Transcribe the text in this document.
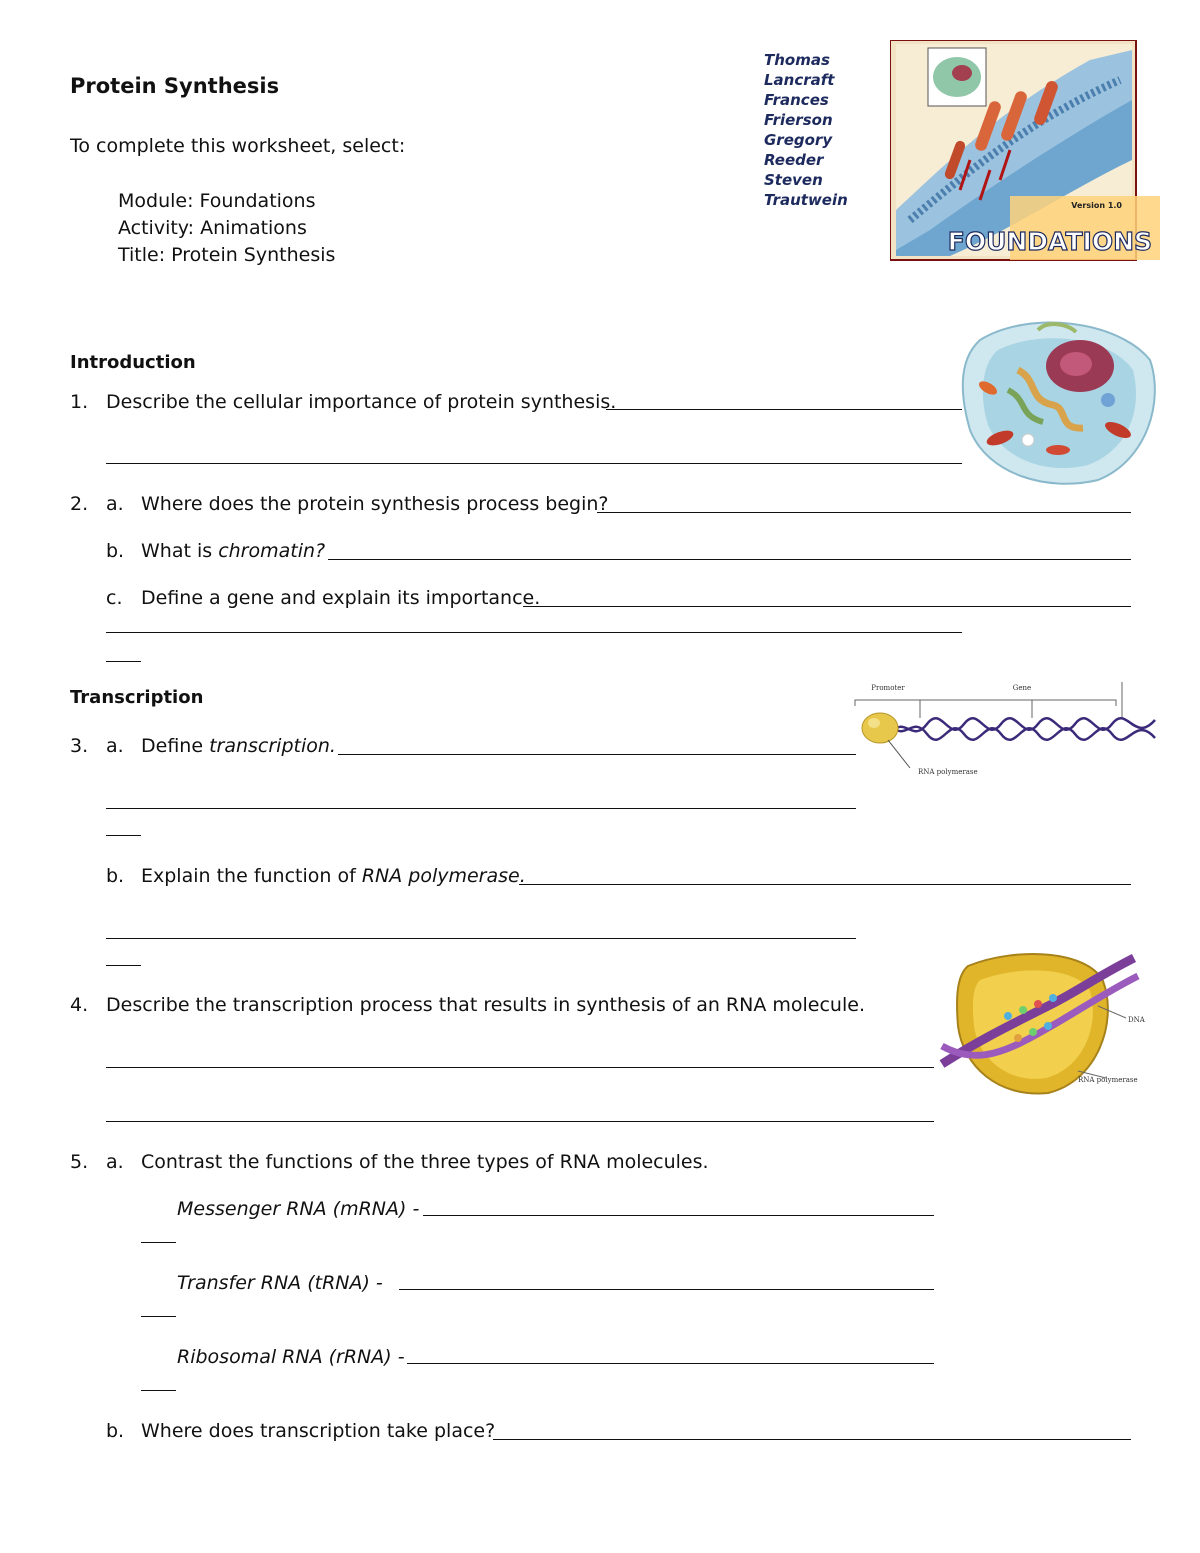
Protein Synthesis
To complete this worksheet, select:
Module: Foundations
Activity: Animations
Title: Protein Synthesis
Thomas Lancraft
Frances Frierson
Gregory Reeder
Steven Trautwein	Version 1.0
FOUNDATIONS
Introduction
1. Describe the cellular importance of protein synthesis.
2. a. Where does the protein synthesis process begin?
b. What is chromatin?
c. Define a gene and explain its importance.
Transcription	Promoter	Gene
RNA polymerase
3. a. Define transcription.
b. Explain the function of RNA polymerase.
DNA
RNA polymerase
4. Describe the transcription process that results in synthesis of an RNA molecule.
5. a. Contrast the functions of the three types of RNA molecules.
Messenger RNA (mRNA) -
Transfer RNA (tRNA) -
Ribosomal RNA (rRNA) -
b. Where does transcription take place?
